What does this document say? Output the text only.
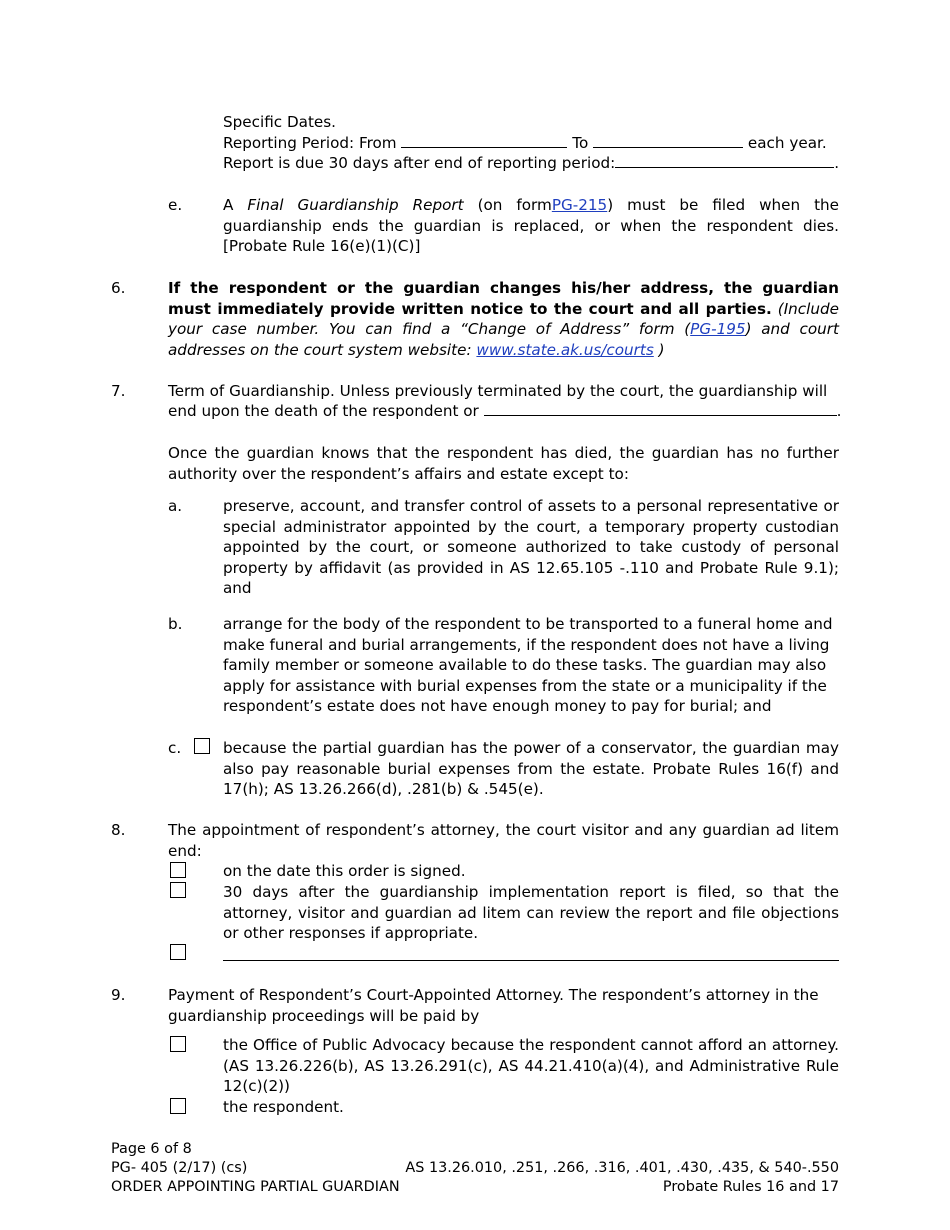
Specific Dates.
Reporting Period: From	To	each year.
Report is due 30 days after end of reporting period:	.
e.	A Final Guardianship Report (on formPG-215) must be filed when the guardianship ends the guardian is replaced, or when the respondent dies. [Probate Rule 16(e)(1)(C)]
6.	If the respondent or the guardian changes his/her address, the guardian must immediately provide written notice to the court and all parties. (Include your case number. You can find a “Change of Address” form (PG-195) and court addresses on the court system website: www.state.ak.us/courts )
7.	Term of Guardianship. Unless previously terminated by the court, the guardianship will
end upon the death of the respondent or	.
Once the guardian knows that the respondent has died, the guardian has no further authority over the respondent’s affairs and estate except to:
a.	preserve, account, and transfer control of assets to a personal representative or special administrator appointed by the court, a temporary property custodian appointed by the court, or someone authorized to take custody of personal property by affidavit (as provided in AS 12.65.105 -.110 and Probate Rule 9.1); and
b.	arrange for the body of the respondent to be transported to a funeral home and make funeral and burial arrangements, if the respondent does not have a living family member or someone available to do these tasks. The guardian may also apply for assistance with burial expenses from the state or a municipality if the respondent’s estate does not have enough money to pay for burial; and
c.	because the partial guardian has the power of a conservator, the guardian may also pay reasonable burial expenses from the estate. Probate Rules 16(f) and 17(h); AS 13.26.266(d), .281(b) & .545(e).
8.	The appointment of respondent’s attorney, the court visitor and any guardian ad litem end:
on the date this order is signed.
30 days after the guardianship implementation report is filed, so that the attorney, visitor and guardian ad litem can review the report and file objections or other responses if appropriate.
9.	Payment of Respondent’s Court-Appointed Attorney. The respondent’s attorney in the guardianship proceedings will be paid by
the Office of Public Advocacy because the respondent cannot afford an attorney. (AS 13.26.226(b), AS 13.26.291(c), AS 44.21.410(a)(4), and Administrative Rule 12(c)(2))
the respondent.
Page 6 of 8
PG- 405 (2/17) (cs)
ORDER APPOINTING PARTIAL GUARDIAN
AS 13.26.010, .251, .266, .316, .401, .430, .435, & 540-.550
Probate Rules 16 and 17
